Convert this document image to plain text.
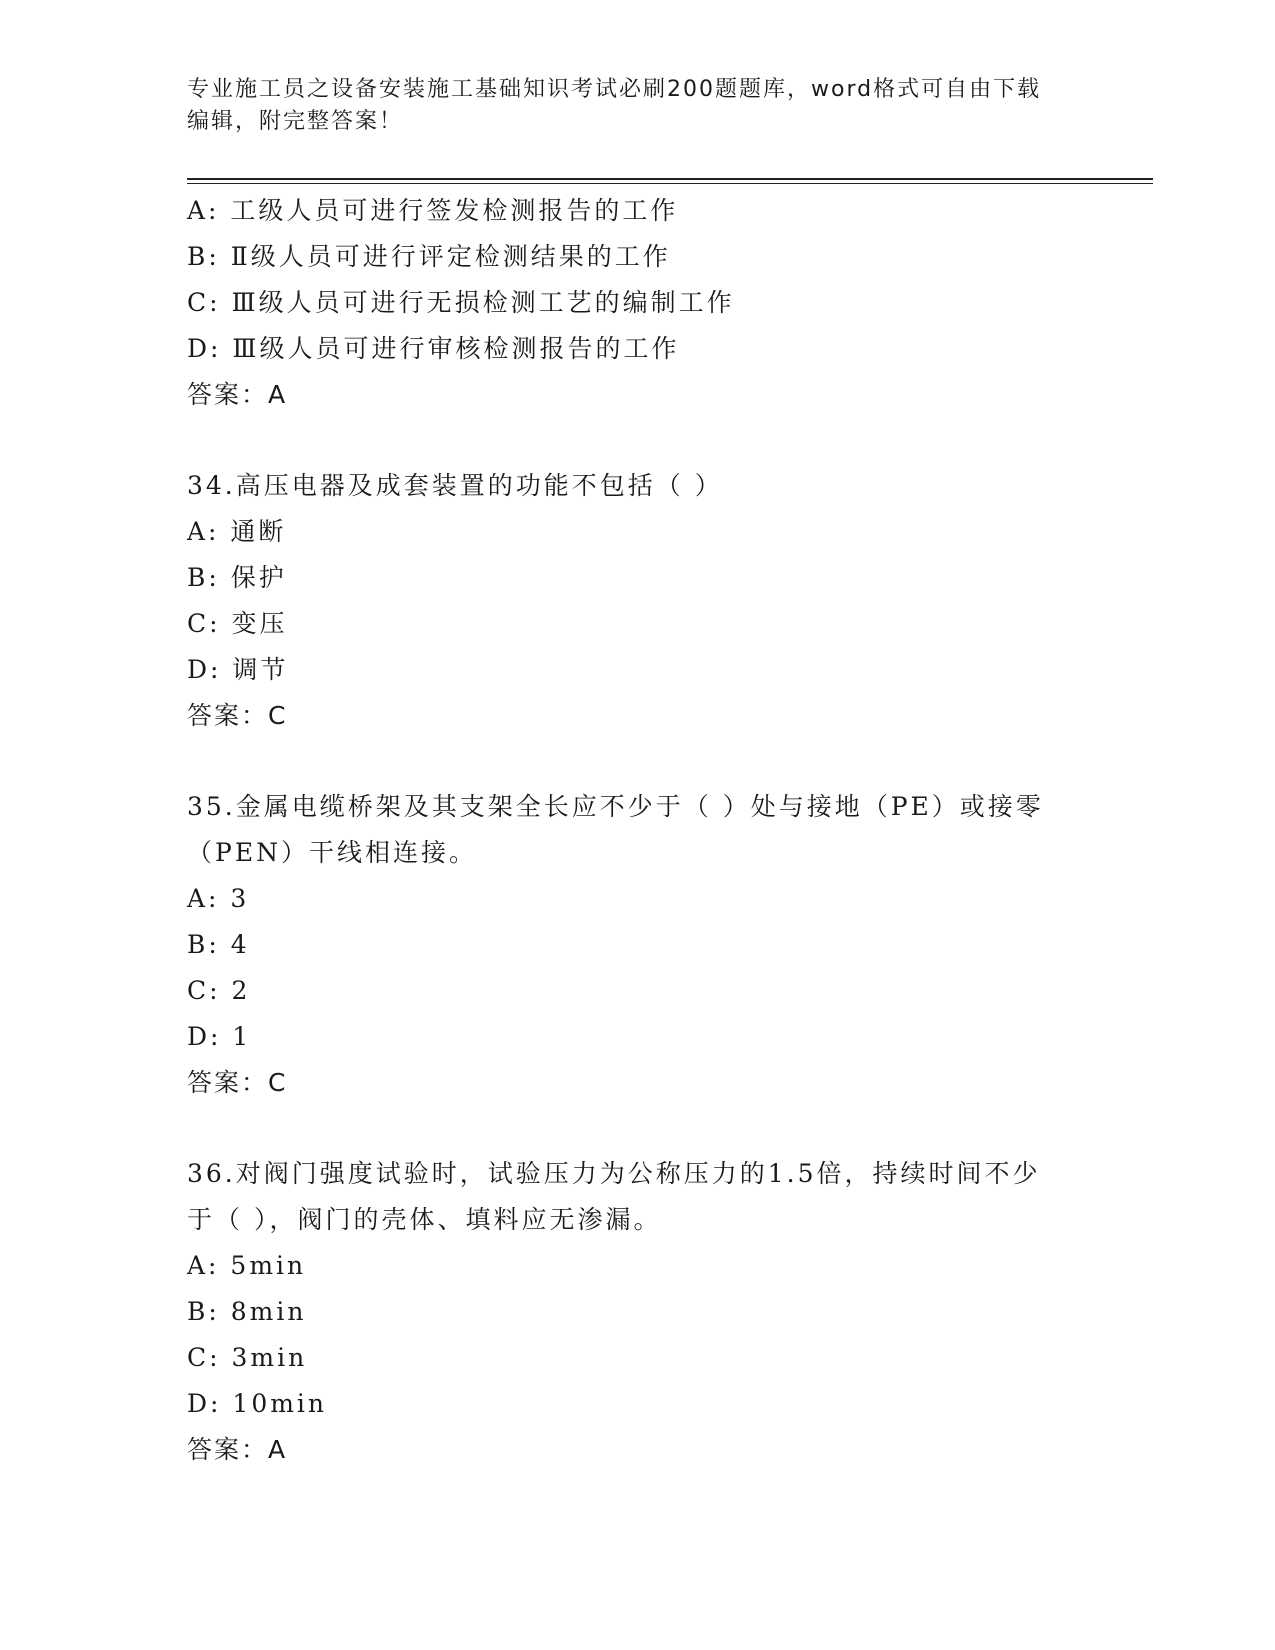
专业施工员之设备安装施工基础知识考试必刷200题题库，word格式可自由下载
编辑，附完整答案！
A: 工级人员可进行签发检测报告的工作
B: Ⅱ级人员可进行评定检测结果的工作
C: Ⅲ级人员可进行无损检测工艺的编制工作
D: Ⅲ级人员可进行审核检测报告的工作
答案：A
34.高压电器及成套装置的功能不包括（ ）
A: 通断
B: 保护
C: 变压
D: 调节
答案：C
35.金属电缆桥架及其支架全长应不少于（ ）处与接地（PE）或接零
（PEN）干线相连接。
A: 3
B: 4
C: 2
D: 1
答案：C
36.对阀门强度试验时，试验压力为公称压力的1.5倍，持续时间不少
于（ ），阀门的壳体、填料应无渗漏。
A: 5min
B: 8min
C: 3min
D: 10min
答案：A
